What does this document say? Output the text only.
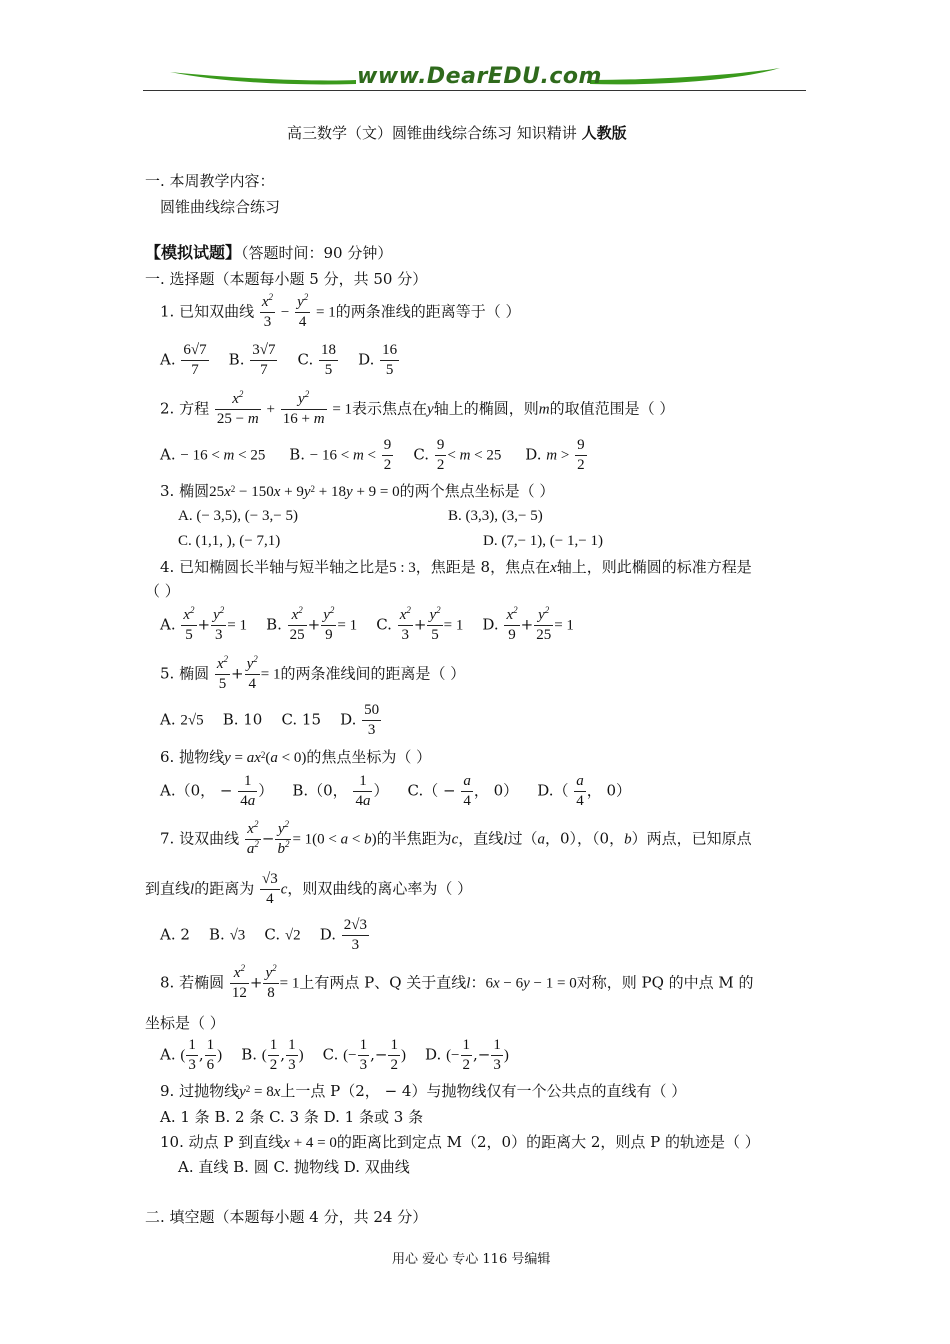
www.DearEDU.com
高三数学（文）圆锥曲线综合练习 知识精讲 人教版
一. 本周教学内容：
圆锥曲线综合练习
【模拟试题】（答题时间：90 分钟）
一. 选择题（本题每小题 5 分，共 50 分）
1. 已知双曲线 $\frac{x^2}{3} - \frac{y^2}{4} = 1$的两条准线的距离等于（ ）
A. $\frac{6√7}{7} B$. $\frac{3√7}{7} C$. $\frac{18}{5} D$. $\frac{16}{5}$
2. 方程 $\frac{x^2}{25 - m} + \frac{y^2}{16 + m} = 1$表示焦点在y轴上的椭圆，则m的取值范围是（ ）
A. − 16 < m < 25     B. − $16 < m < \frac{9}{2} C$. $\frac{9}{2} < m < 25$     D. $m > \frac{9}{2}$
3. 椭圆$25x^2 - 150x + 9y^2 + 18y + 9 = 0$的两个焦点坐标是（ ）
A. (− 3,5), (− 3,− 5)	B. (3,3), (3,− 5)
C. (1,1, ), (− 7,1)	D. (7,− 1), (− 1,− 1)
4. 已知椭圆长半轴与短半轴之比是5 : 3，焦距是 8，焦点在x轴上，则此椭圆的标准方程是
（ ）
A. $\frac{x^2}{5} + \frac{y^2}{3} = 1$    B. $\frac{x^2}{25} + \frac{y^2}{9} = 1$    C. $\frac{x^2}{3} + \frac{y^2}{5} = 1$    D. $\frac{x^2}{9} + \frac{y^2}{25} = 1$
5. 椭圆 $\frac{x^2}{5} + \frac{y^2}{4} = 1$的两条准线间的距离是（ ）
A. 2√5 B. 10 C. 15 D. $\frac{50}{3}$
6. 抛物线$y = ax^2(a < 0)$的焦点坐标为（ ）
A.（0， − $\frac{1}{4a}$ ）    B.（0， $\frac{1}{4a}$ ）    $C.( - \frac{a}{4}$ ， 0）    $D.( \frac{a}{4}$ ， 0）
7. 设双曲线 $\frac{x^2}{a^2} - \frac{y^2}{b^2} = 1(0 < a < b)$的半焦距为c，直线l过（a，0），（0，b）两点，已知原点
到直线l的距离为 $\frac{√3}{4}$ c，则双曲线的离心率为（ ）
A. 2 B. √3 C. √2 D. $\frac{2√3}{3}$
8. 若椭圆 $\frac{x^2}{12} + \frac{y^2}{8} = 1$上有两点 P、Q 关于直线l：6x − 6y − 1 = 0对称，则 PQ 的中点 M 的
坐标是（ ）
A. ( $\frac{1}{3}$ , $\frac{1}{6}$ )    B. ( $\frac{1}{2}$ , $\frac{1}{3}$ )    C. (− $\frac{1}{3}$ ,− $\frac{1}{2}$ )    D. (− $\frac{1}{2}$ ,− $\frac{1}{3}$ )
9. 过抛物线$y^2 = 8x$上一点 P（2， − 4）与抛物线仅有一个公共点的直线有（ ）
A. 1 条 B. 2 条 C. 3 条 D. 1 条或 3 条
10. 动点 P 到直线x + 4 = 0的距离比到定点 M（2，0）的距离大 2，则点 P 的轨迹是（ ）
A. 直线 B. 圆 C. 抛物线 D. 双曲线
二. 填空题（本题每小题 4 分，共 24 分）
用心 爱心 专心 116 号编辑
